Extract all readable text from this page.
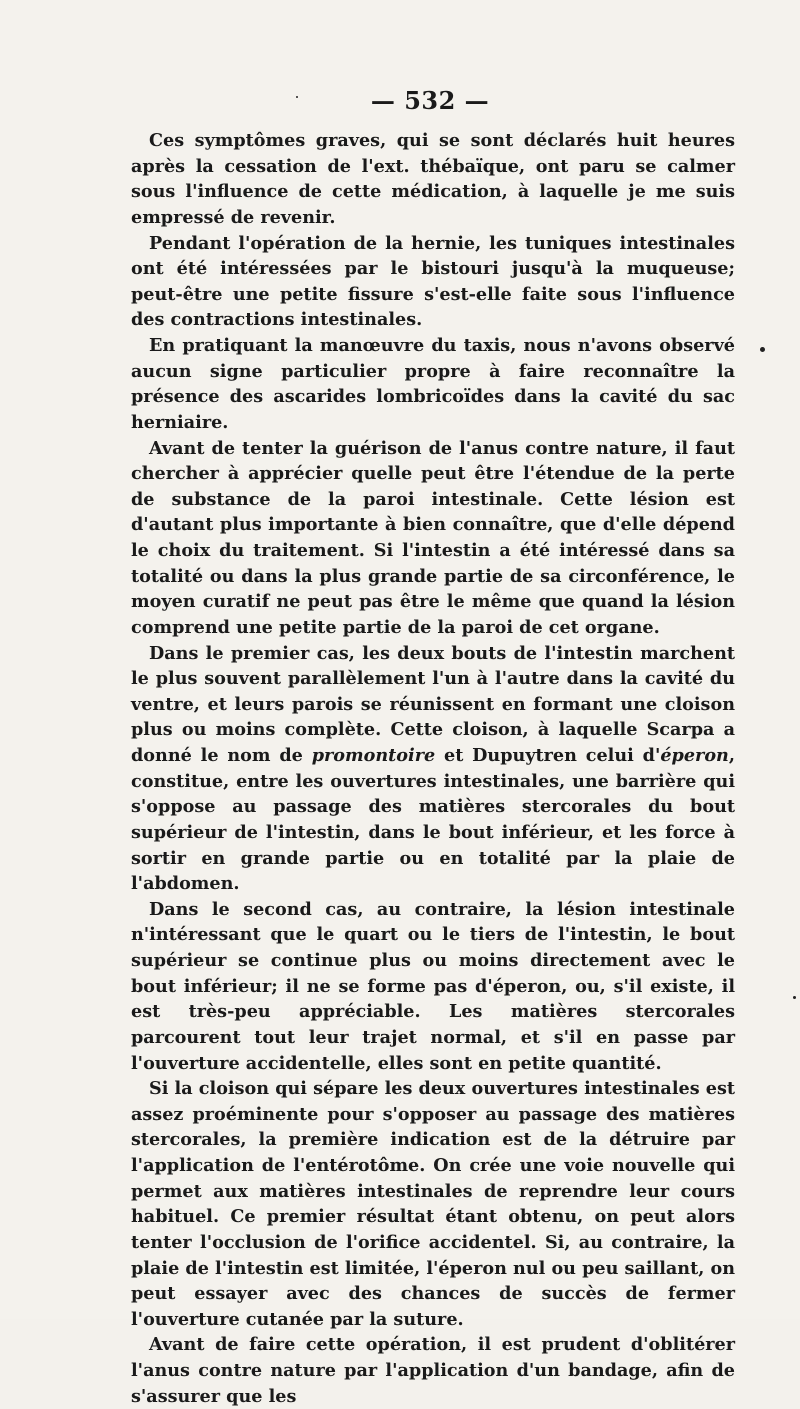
— 532 —

Ces symptômes graves, qui se sont déclarés huit heures après la cessation de l'ext. thébaïque, ont paru se calmer sous l'influence de cette médication, à laquelle je me suis empressé de revenir.

Pendant l'opération de la hernie, les tuniques intestinales ont été intéressées par le bistouri jusqu'à la muqueuse; peut-être une petite fissure s'est-elle faite sous l'influence des contractions intestinales.

En pratiquant la manœuvre du taxis, nous n'avons observé aucun signe particulier propre à faire reconnaître la présence des ascarides lombricoïdes dans la cavité du sac herniaire.

Avant de tenter la guérison de l'anus contre nature, il faut chercher à apprécier quelle peut être l'étendue de la perte de substance de la paroi intestinale. Cette lésion est d'autant plus importante à bien connaître, que d'elle dépend le choix du traitement. Si l'intestin a été intéressé dans sa totalité ou dans la plus grande partie de sa circonférence, le moyen curatif ne peut pas être le même que quand la lésion comprend une petite partie de la paroi de cet organe.

Dans le premier cas, les deux bouts de l'intestin marchent le plus souvent parallèlement l'un à l'autre dans la cavité du ventre, et leurs parois se réunissent en formant une cloison plus ou moins complète. Cette cloison, à laquelle Scarpa a donné le nom de promontoire et Dupuytren celui d'éperon, constitue, entre les ouvertures intestinales, une barrière qui s'oppose au passage des matières stercorales du bout supérieur de l'intestin, dans le bout inférieur, et les force à sortir en grande partie ou en totalité par la plaie de l'abdomen.

Dans le second cas, au contraire, la lésion intestinale n'intéressant que le quart ou le tiers de l'intestin, le bout supérieur se continue plus ou moins directement avec le bout inférieur; il ne se forme pas d'éperon, ou, s'il existe, il est très-peu appréciable. Les matières stercorales parcourent tout leur trajet normal, et s'il en passe par l'ouverture accidentelle, elles sont en petite quantité.

Si la cloison qui sépare les deux ouvertures intestinales est assez proéminente pour s'opposer au passage des matières stercorales, la première indication est de la détruire par l'application de l'entérotôme. On crée une voie nouvelle qui permet aux matières intestinales de reprendre leur cours habituel. Ce premier résultat étant obtenu, on peut alors tenter l'occlusion de l'orifice accidentel. Si, au contraire, la plaie de l'intestin est limitée, l'éperon nul ou peu saillant, on peut essayer avec des chances de succès de fermer l'ouverture cutanée par la suture.

Avant de faire cette opération, il est prudent d'oblitérer l'anus contre nature par l'application d'un bandage, afin de s'assurer que les
